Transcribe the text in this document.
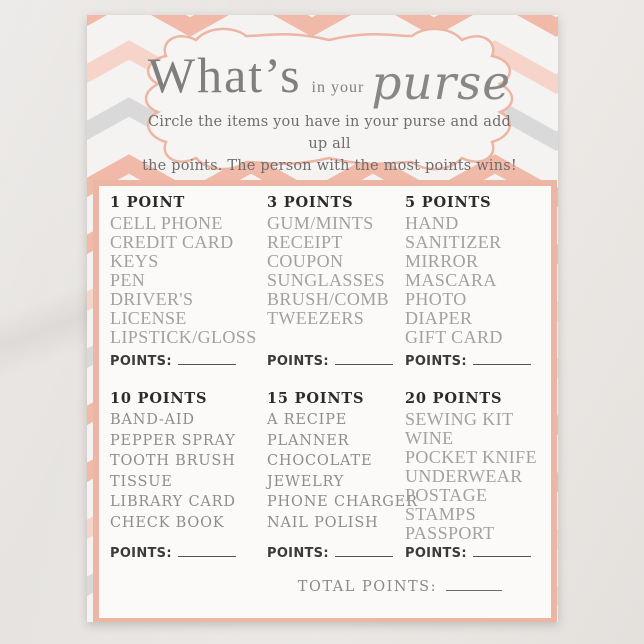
What’s in your purse
Circle the items you have in your purse and add up all
the points. The person with the most points wins!
1 POINT
CELL PHONE
CREDIT CARD
KEYS
PEN
DRIVER'S
LICENSE
LIPSTICK/GLOSS
POINTS:
3 POINTS
GUM/MINTS
RECEIPT
COUPON
SUNGLASSES
BRUSH/COMB
TWEEZERS
POINTS:
5 POINTS
HAND
SANITIZER
MIRROR
MASCARA
PHOTO
DIAPER
GIFT CARD
POINTS:
10 POINTS
BAND-AID
PEPPER SPRAY
TOOTH BRUSH
TISSUE
LIBRARY CARD
CHECK BOOK
POINTS:
15 POINTS
A RECIPE
PLANNER
CHOCOLATE
JEWELRY
PHONE CHARGER
NAIL POLISH
POINTS:
20 POINTS
SEWING KIT
WINE
POCKET KNIFE
UNDERWEAR
POSTAGE
STAMPS
PASSPORT
POINTS:
TOTAL POINTS:
